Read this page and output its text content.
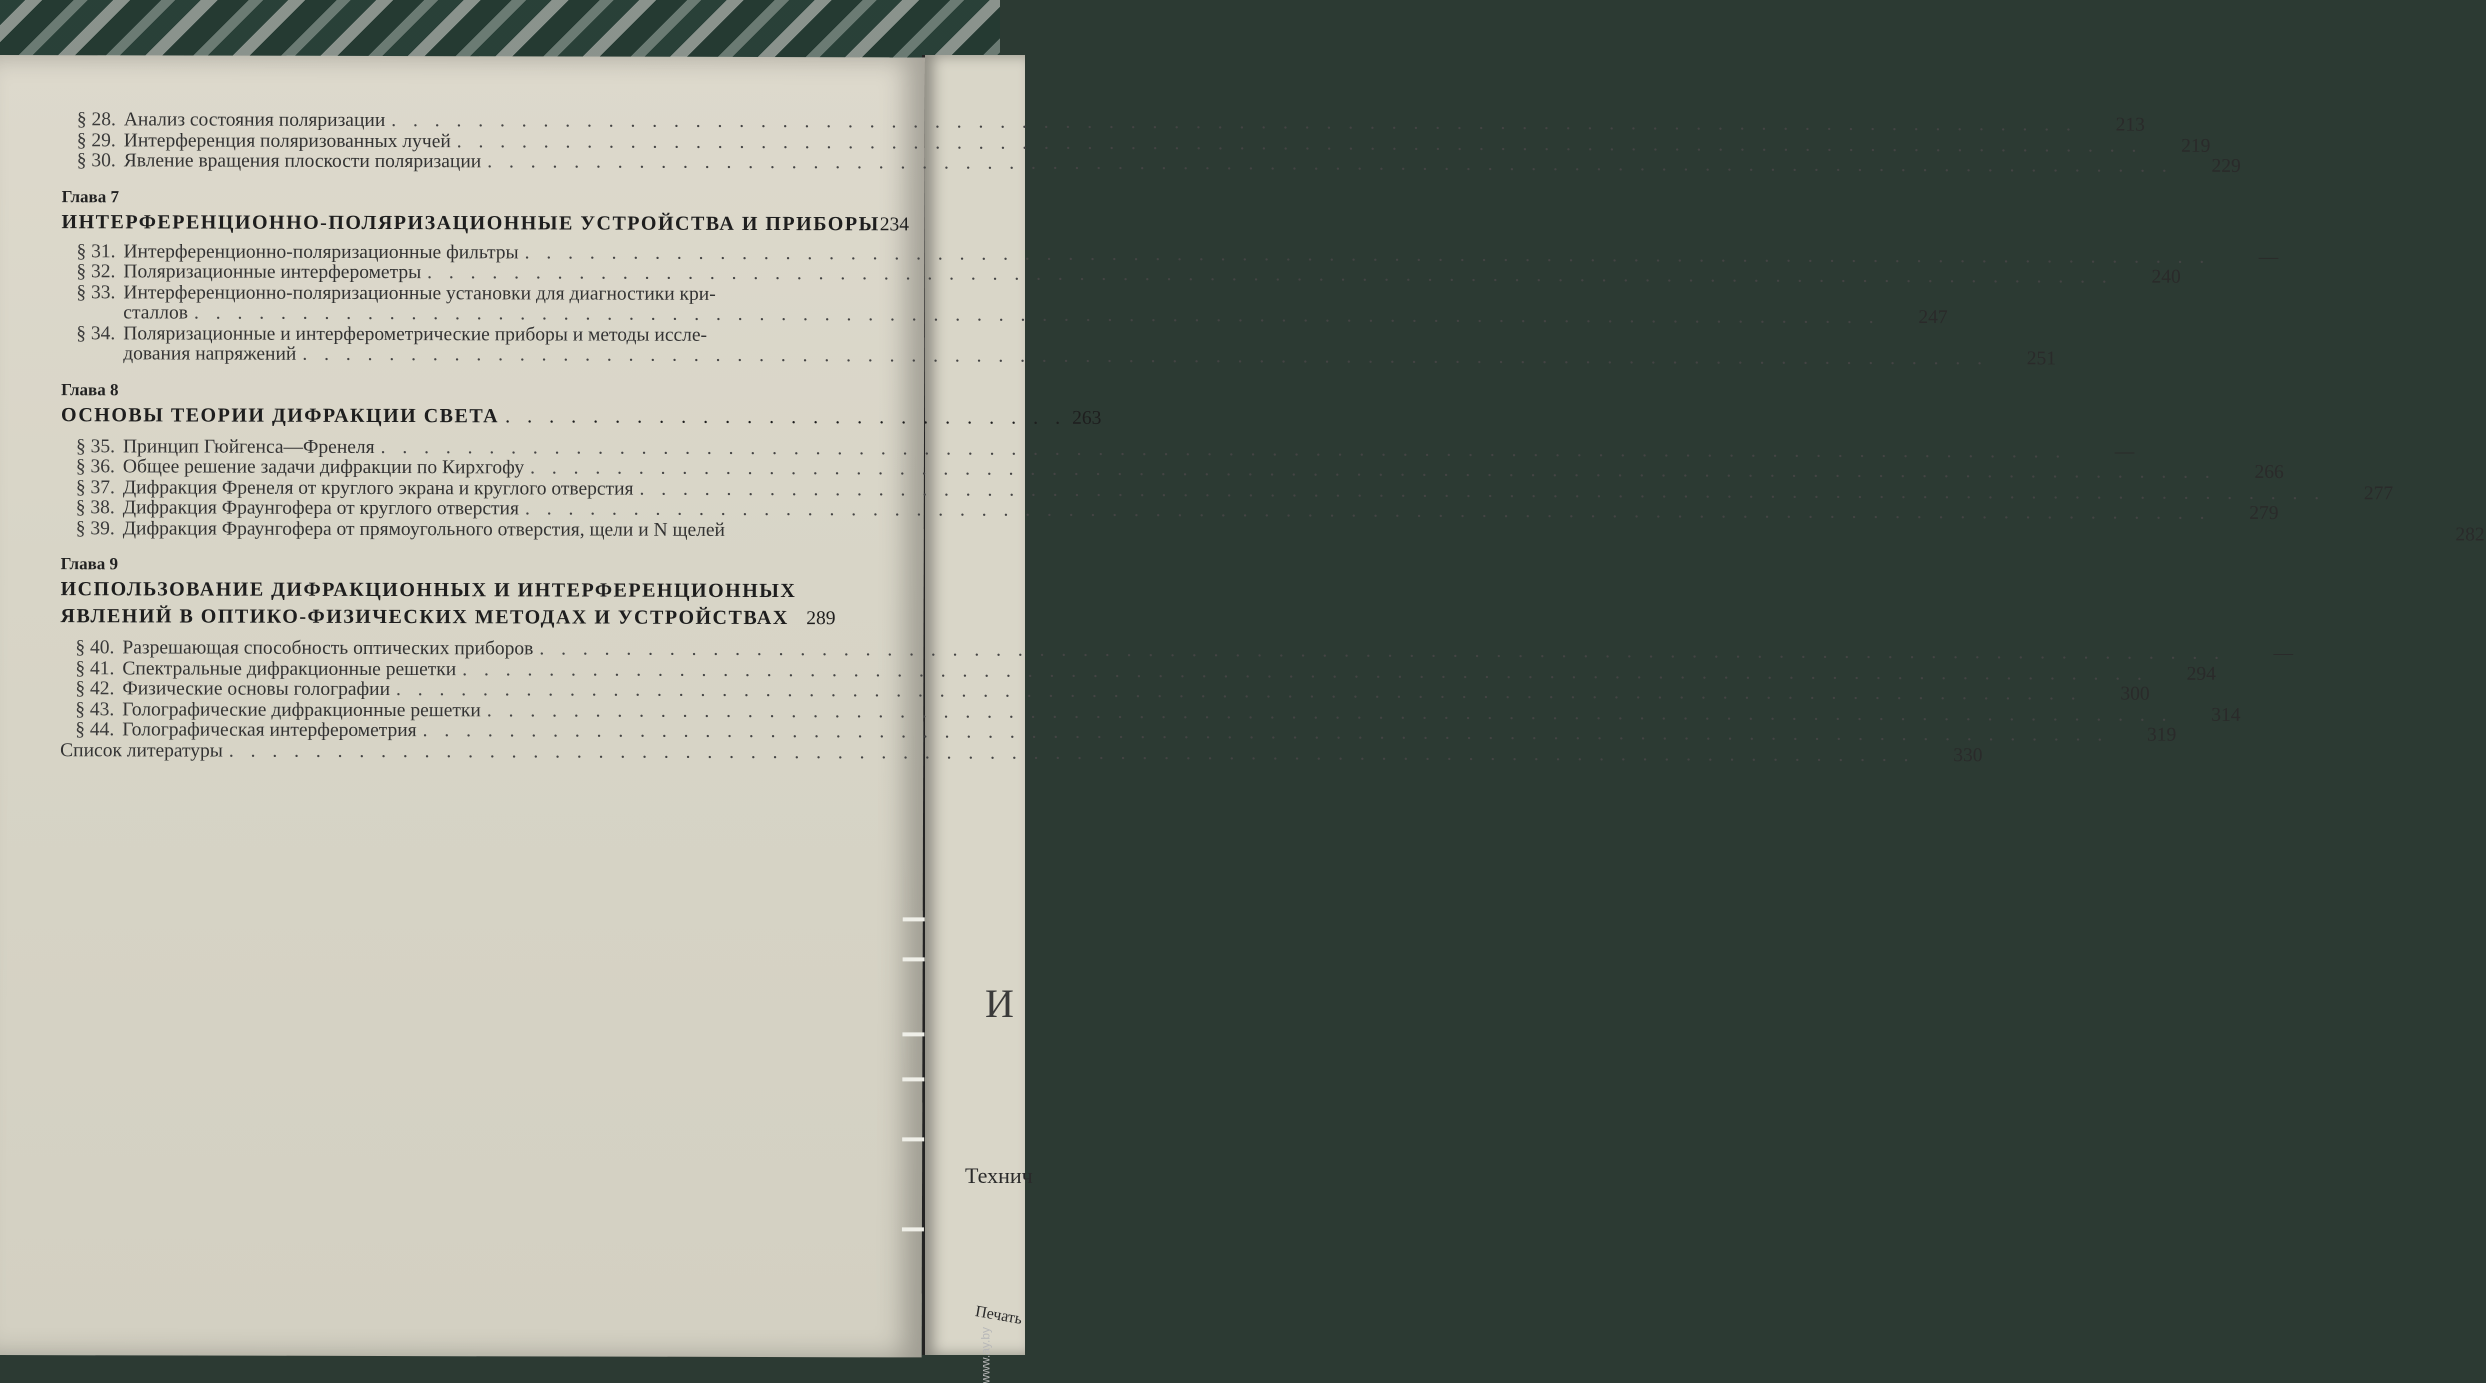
И
Технич
Печать
§ 28. Анализ состояния поляризации . . .	213
§ 29. Интерференция поляризованных лучей . . .	219
§ 30. Явление вращения плоскости поляризации . . .	229
Глава 7
ИНТЕРФЕРЕНЦИОННО-ПОЛЯРИЗАЦИОННЫЕ УСТРОЙСТВА И ПРИБОРЫ 234
§ 31. Интерференционно-поляризационные фильтры . . .	—
§ 32. Поляризационные интерферометры . . .	240
§ 33. Интерференционно-поляризационные установки для диагностики кри-
сталлов . . .	247
§ 34. Поляризационные и интерферометрические приборы и методы иссле-
дования напряжений . . .	251
Глава 8
ОСНОВЫ ТЕОРИИ ДИФРАКЦИИ СВЕТА . . .	263
§ 35. Принцип Гюйгенса—Френеля . . .	—
§ 36. Общее решение задачи дифракции по Кирхгофу . . .	266
§ 37. Дифракция Френеля от круглого экрана и круглого отверстия . . .	277
§ 38. Дифракция Фраунгофера от круглого отверстия . . .	279
§ 39. Дифракция Фраунгофера от прямоугольного отверстия, щели и N щелей	282
Глава 9
ИСПОЛЬЗОВАНИЕ ДИФРАКЦИОННЫХ И ИНТЕРФЕРЕНЦИОННЫХ
ЯВЛЕНИЙ В ОПТИКО-ФИЗИЧЕСКИХ МЕТОДАХ И УСТРОЙСТВАХ 289
§ 40. Разрешающая способность оптических приборов . . .	—
§ 41. Спектральные дифракционные решетки . . .	294
§ 42. Физические основы голографии . . .	300
§ 43. Голографические дифракционные решетки . . .	314
§ 44. Голографическая интерферометрия . . .	319
Список литературы . . .	330
www.ay.by
